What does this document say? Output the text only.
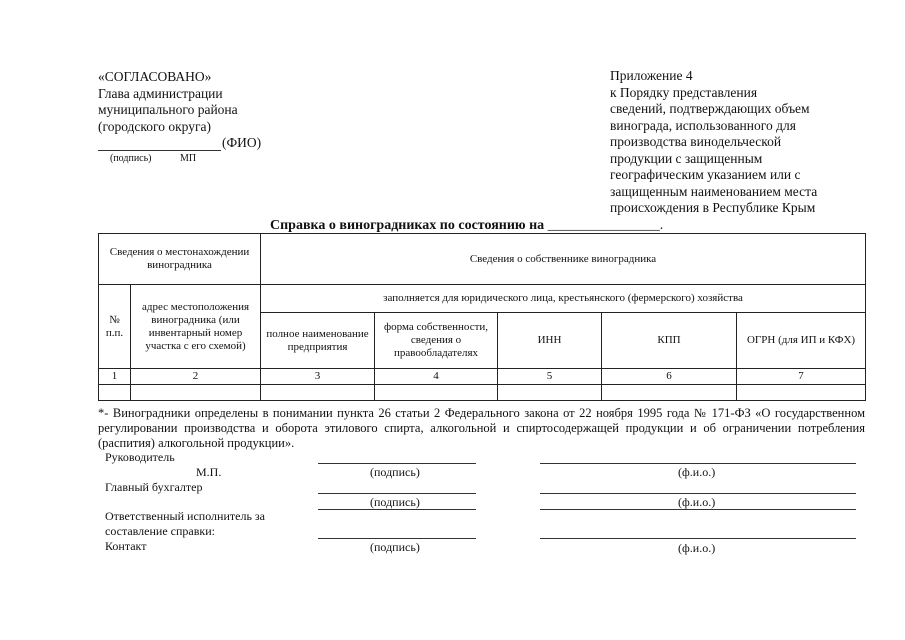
«СОГЛАСОВАНО»
Глава администрации
муниципального района
(городского округа)
(ФИО)
(подпись)	МП
Приложение 4
к Порядку представления
сведений, подтверждающих объем
винограда, использованного для
производства винодельческой
продукции с защищенным
географическим указанием или с
защищенным наименованием места
происхождения в Республике Крым
Справка о виноградниках по состоянию на ________________.
Сведения о местонахождении виноградника		Сведения о собственнике виноградника				
№ п.п.	адрес местоположения виноградника (или инвентарный номер участка с его схемой)	заполняется для юридического лица, крестьянского (фермерского) хозяйства				
		полное наименование предприятия	форма собственности, сведения о правообладателях	ИНН	КПП	ОГРН (для ИП и КФХ)
1	2	3	4	5	6	7

*- Виноградники определены в понимании пункта 26 статьи 2 Федерального закона от 22 ноября 1995 года № 171-ФЗ «О государственном регулировании производства и оборота этилового спирта, алкогольной и спиртосодержащей продукции и об ограничении потребления (распития) алкогольной продукции».
Руководитель
М.П.	(подпись)	(ф.и.о.)
Главный бухгалтер
(подпись)	(ф.и.о.)
Ответственный исполнитель за
составление справки:
Контакт	(подпись)	(ф.и.о.)
